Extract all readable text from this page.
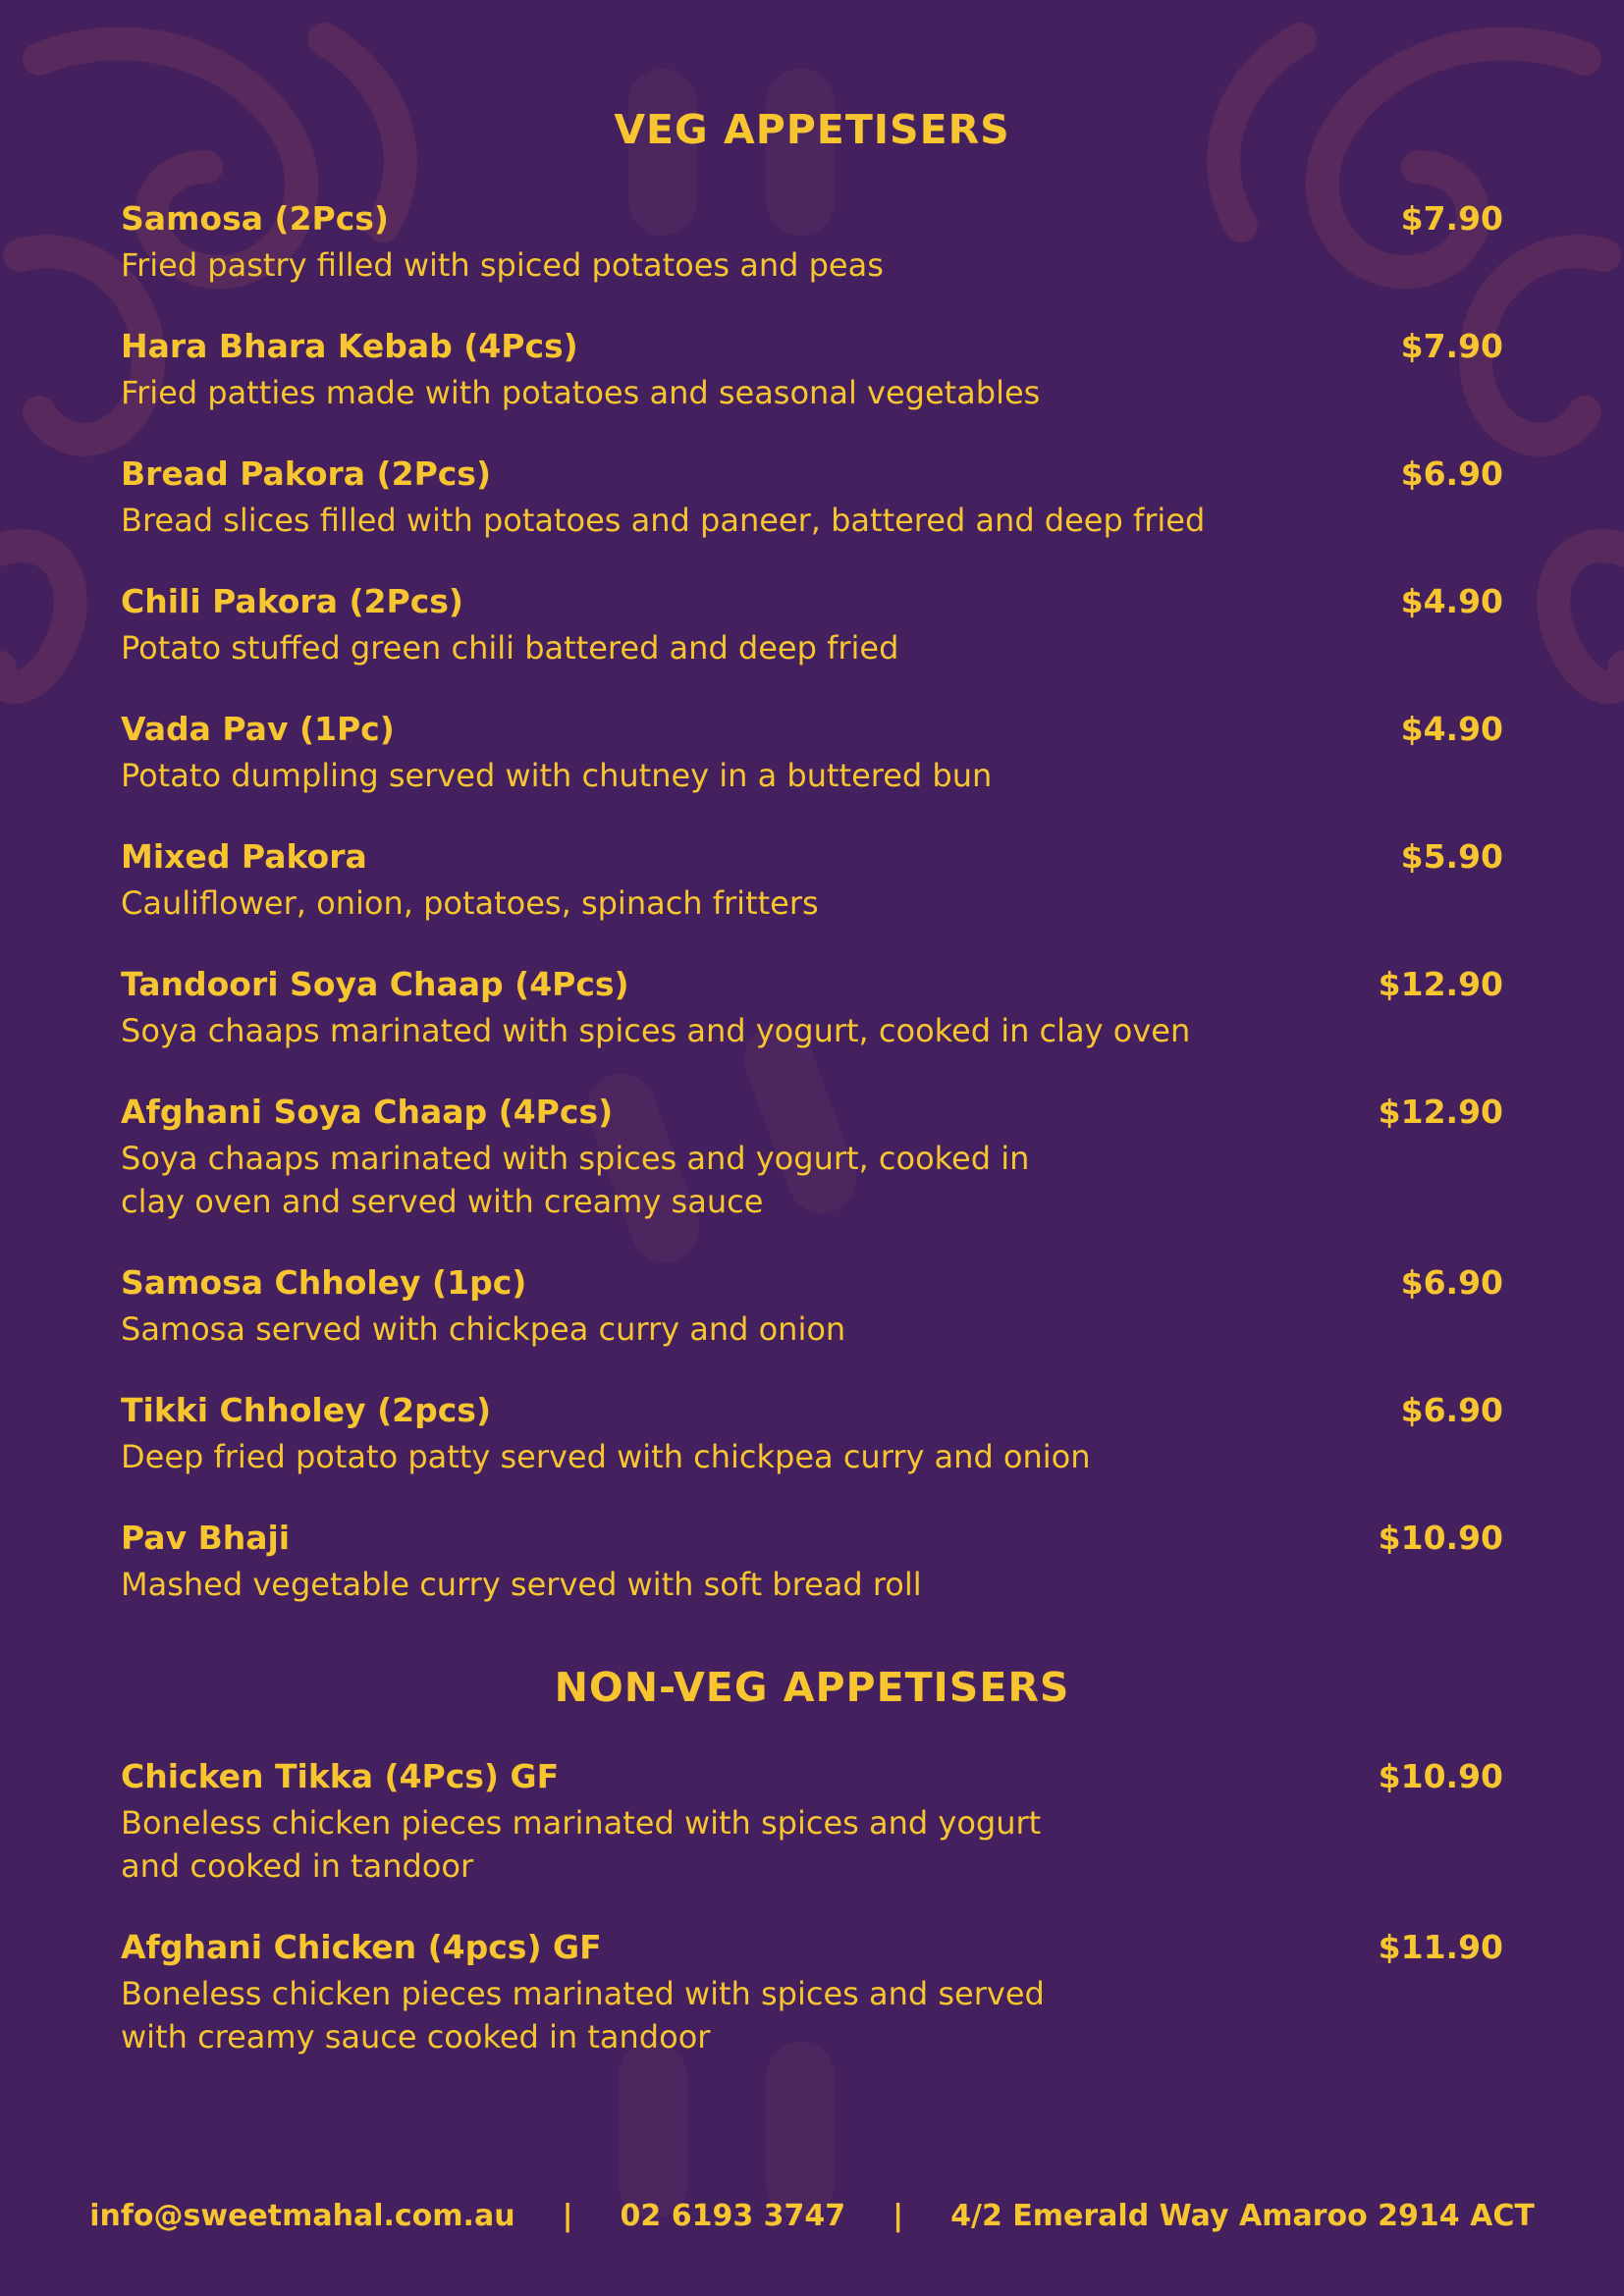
VEG APPETISERS
Samosa (2Pcs)	$7.90
Fried pastry filled with spiced potatoes and peas
Hara Bhara Kebab (4Pcs)	$7.90
Fried patties made with potatoes and seasonal vegetables
Bread Pakora (2Pcs)	$6.90
Bread slices filled with potatoes and paneer, battered and deep fried
Chili Pakora (2Pcs)	$4.90
Potato stuffed green chili battered and deep fried
Vada Pav (1Pc)	$4.90
Potato dumpling served with chutney in a buttered bun
Mixed Pakora	$5.90
Cauliflower, onion, potatoes, spinach fritters
Tandoori Soya Chaap (4Pcs)	$12.90
Soya chaaps marinated with spices and yogurt, cooked in clay oven
Afghani Soya Chaap (4Pcs)	$12.90
Soya chaaps marinated with spices and yogurt, cooked in
clay oven and served with creamy sauce
Samosa Chholey (1pc)	$6.90
Samosa served with chickpea curry and onion
Tikki Chholey (2pcs)	$6.90
Deep fried potato patty served with chickpea curry and onion
Pav Bhaji	$10.90
Mashed vegetable curry served with soft bread roll
NON-VEG APPETISERS
Chicken Tikka (4Pcs) GF	$10.90
Boneless chicken pieces marinated with spices and yogurt
and cooked in tandoor
Afghani Chicken (4pcs) GF	$11.90
Boneless chicken pieces marinated with spices and served
with creamy sauce cooked in tandoor
info@sweetmahal.com.au | 02 6193 3747 | 4/2 Emerald Way Amaroo 2914 ACT
